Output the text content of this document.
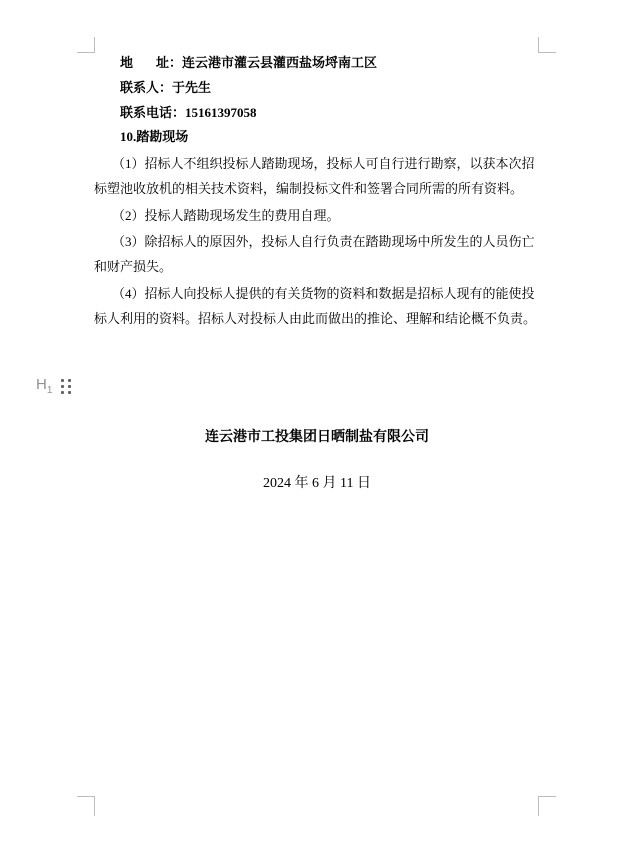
地 址：连云港市灌云县灌西盐场埒南工区
联系人：于先生
联系电话：15161397058
10.踏勘现场
（1）招标人不组织投标人踏勘现场，投标人可自行进行勘察，以获本次招
标塑池收放机的相关技术资料，编制投标文件和签署合同所需的所有资料。
（2）投标人踏勘现场发生的费用自理。
（3）除招标人的原因外，投标人自行负责在踏勘现场中所发生的人员伤亡
和财产损失。
（4）招标人向投标人提供的有关货物的资料和数据是招标人现有的能使投
标人利用的资料。招标人对投标人由此而做出的推论、理解和结论概不负责。
$H_1$
连云港市工投集团日晒制盐有限公司
2024 年 6 月 11 日
